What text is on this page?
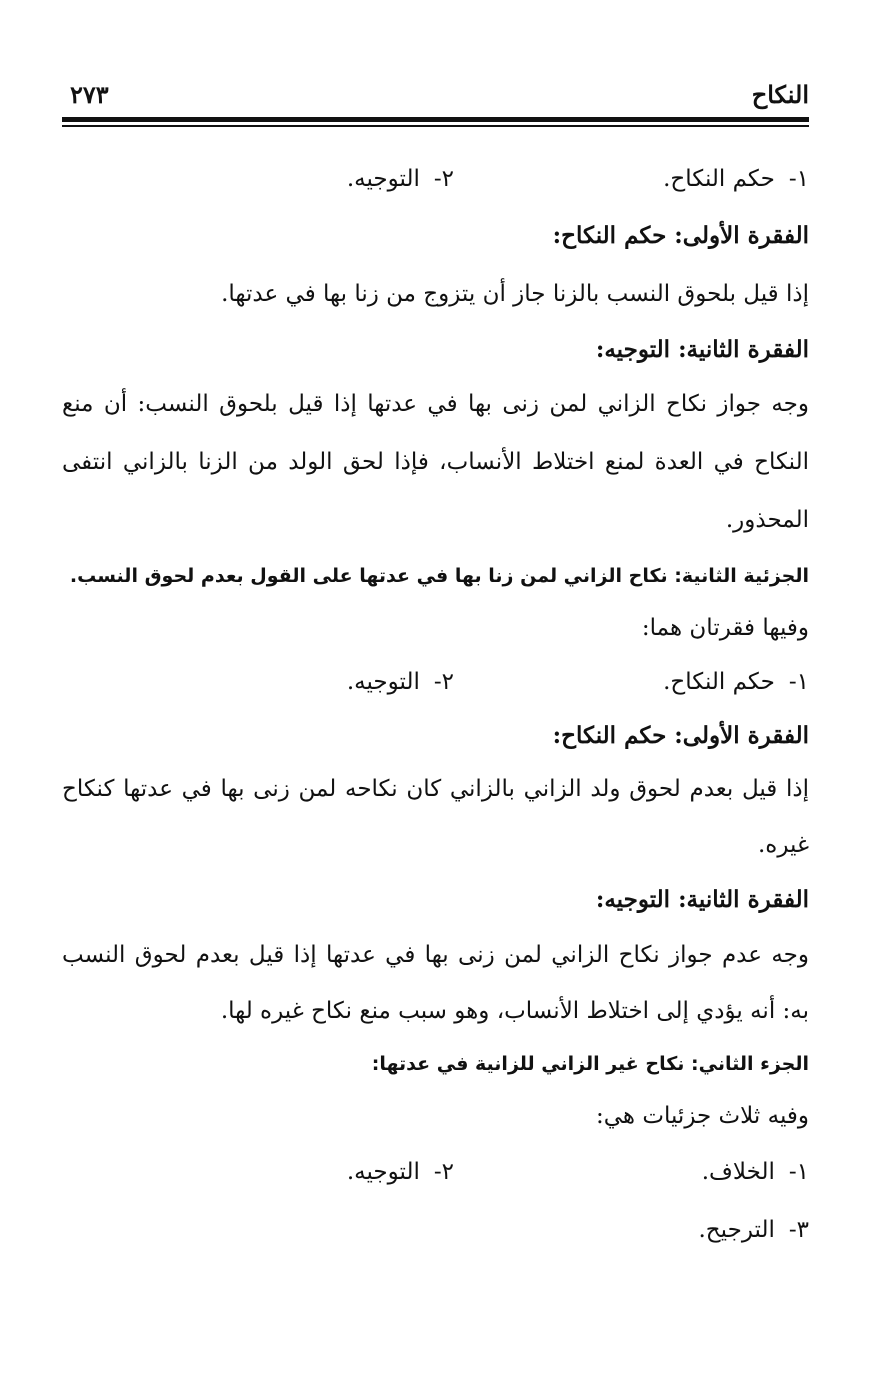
النكاح
٢٧٣
١-حكم النكاح.
٢-التوجيه.

الفقرة الأولى: حكم النكاح:

إذا قيل بلحوق النسب بالزنا جاز أن يتزوج من زنا بها في عدتها.

الفقرة الثانية: التوجيه:

وجه جواز نكاح الزاني لمن زنى بها في عدتها إذا قيل بلحوق النسب: أن منع النكاح في العدة لمنع اختلاط الأنساب، فإذا لحق الولد من الزنا بالزاني انتفى المحذور.

الجزئية الثانية: نكاح الزاني لمن زنا بها في عدتها على القول بعدم لحوق النسب.

وفيها فقرتان هما:

١-حكم النكاح.
٢-التوجيه.

الفقرة الأولى: حكم النكاح:

إذا قيل بعدم لحوق ولد الزاني بالزاني كان نكاحه لمن زنى بها في عدتها كنكاح غيره.

الفقرة الثانية: التوجيه:

وجه عدم جواز نكاح الزاني لمن زنى بها في عدتها إذا قيل بعدم لحوق النسب به: أنه يؤدي إلى اختلاط الأنساب، وهو سبب منع نكاح غيره لها.

الجزء الثاني: نكاح غير الزاني للزانية في عدتها:

وفيه ثلاث جزئيات هي:

١-الخلاف.
٢-التوجيه.
٣-الترجيح.
